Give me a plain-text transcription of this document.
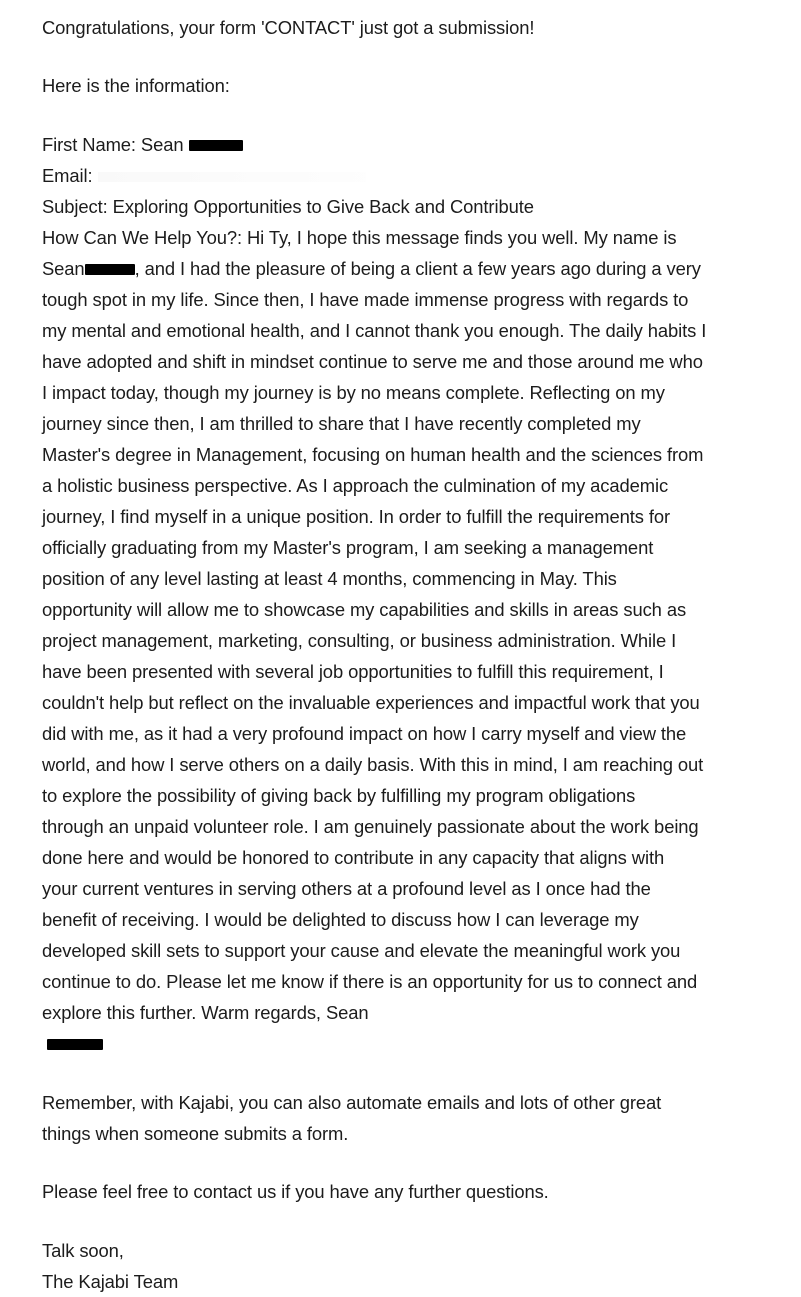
Congratulations, your form 'CONTACT' just got a submission!
Here is the information:
First Name: Sean
Email:
Subject: Exploring Opportunities to Give Back and Contribute
How Can We Help You?: Hi Ty, I hope this message finds you well. My name is
Sean	, and I had the pleasure of being a client a few years ago during a very
tough spot in my life. Since then, I have made immense progress with regards to
my mental and emotional health, and I cannot thank you enough. The daily habits I
have adopted and shift in mindset continue to serve me and those around me who
I impact today, though my journey is by no means complete. Reflecting on my
journey since then, I am thrilled to share that I have recently completed my
Master's degree in Management, focusing on human health and the sciences from
a holistic business perspective. As I approach the culmination of my academic
journey, I find myself in a unique position. In order to fulfill the requirements for
officially graduating from my Master's program, I am seeking a management
position of any level lasting at least 4 months, commencing in May. This
opportunity will allow me to showcase my capabilities and skills in areas such as
project management, marketing, consulting, or business administration. While I
have been presented with several job opportunities to fulfill this requirement, I
couldn't help but reflect on the invaluable experiences and impactful work that you
did with me, as it had a very profound impact on how I carry myself and view the
world, and how I serve others on a daily basis. With this in mind, I am reaching out
to explore the possibility of giving back by fulfilling my program obligations
through an unpaid volunteer role. I am genuinely passionate about the work being
done here and would be honored to contribute in any capacity that aligns with
your current ventures in serving others at a profound level as I once had the
benefit of receiving. I would be delighted to discuss how I can leverage my
developed skill sets to support your cause and elevate the meaningful work you
continue to do. Please let me know if there is an opportunity for us to connect and
explore this further. Warm regards, Sean

Remember, with Kajabi, you can also automate emails and lots of other great
things when someone submits a form.
Please feel free to contact us if you have any further questions.
Talk soon,
The Kajabi Team
